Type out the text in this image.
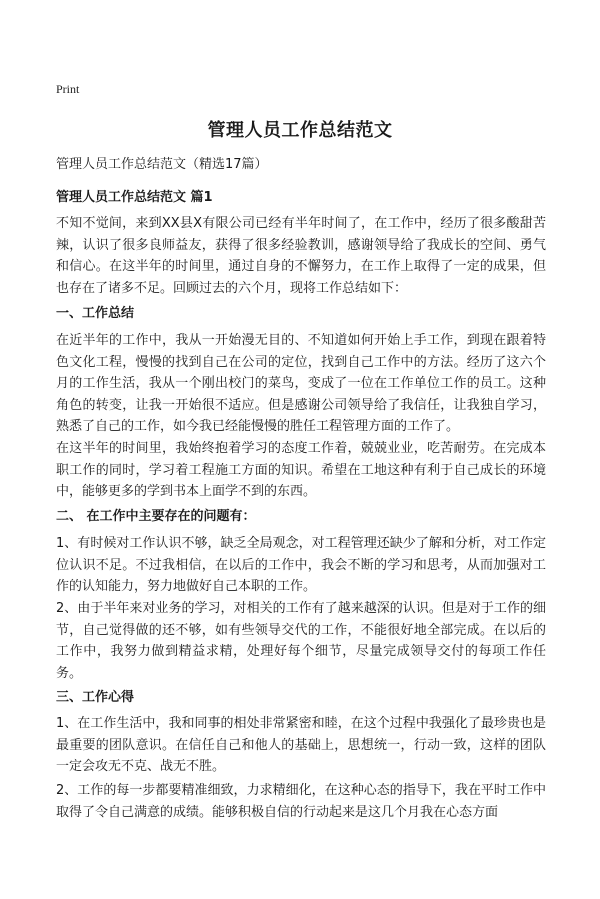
Print
管理人员工作总结范文
管理人员工作总结范文（精选17篇）
管理人员工作总结范文 篇1

不知不觉间，来到XX县X有限公司已经有半年时间了，在工作中，经历了很多酸甜苦辣，认识了很多良师益友，获得了很多经验教训，感谢领导给了我成长的空间、勇气和信心。在这半年的时间里，通过自身的不懈努力，在工作上取得了一定的成果，但也存在了诸多不足。回顾过去的六个月，现将工作总结如下：

一、工作总结

在近半年的工作中，我从一开始漫无目的、不知道如何开始上手工作，到现在跟着特色文化工程，慢慢的找到自己在公司的定位，找到自己工作中的方法。经历了这六个月的工作生活，我从一个刚出校门的菜鸟，变成了一位在工作单位工作的员工。这种角色的转变，让我一开始很不适应。但是感谢公司领导给了我信任，让我独自学习，熟悉了自己的工作，如今我已经能慢慢的胜任工程管理方面的工作了。

在这半年的时间里，我始终抱着学习的态度工作着，兢兢业业，吃苦耐劳。在完成本职工作的同时，学习着工程施工方面的知识。希望在工地这种有利于自己成长的环境中，能够更多的学到书本上面学不到的东西。

二、 在工作中主要存在的问题有：

1、有时候对工作认识不够，缺乏全局观念，对工程管理还缺少了解和分析，对工作定位认识不足。不过我相信，在以后的工作中，我会不断的学习和思考，从而加强对工作的认知能力，努力地做好自己本职的工作。

2、由于半年来对业务的学习，对相关的工作有了越来越深的认识。但是对于工作的细节，自己觉得做的还不够，如有些领导交代的工作，不能很好地全部完成。在以后的工作中，我努力做到精益求精，处理好每个细节，尽量完成领导交付的每项工作任务。

三、工作心得

1、在工作生活中，我和同事的相处非常紧密和睦，在这个过程中我强化了最珍贵也是最重要的团队意识。在信任自己和他人的基础上，思想统一，行动一致，这样的团队一定会攻无不克、战无不胜。

2、工作的每一步都要精准细致，力求精细化，在这种心态的指导下，我在平时工作中取得了令自己满意的成绩。能够积极自信的行动起来是这几个月我在心态方面
